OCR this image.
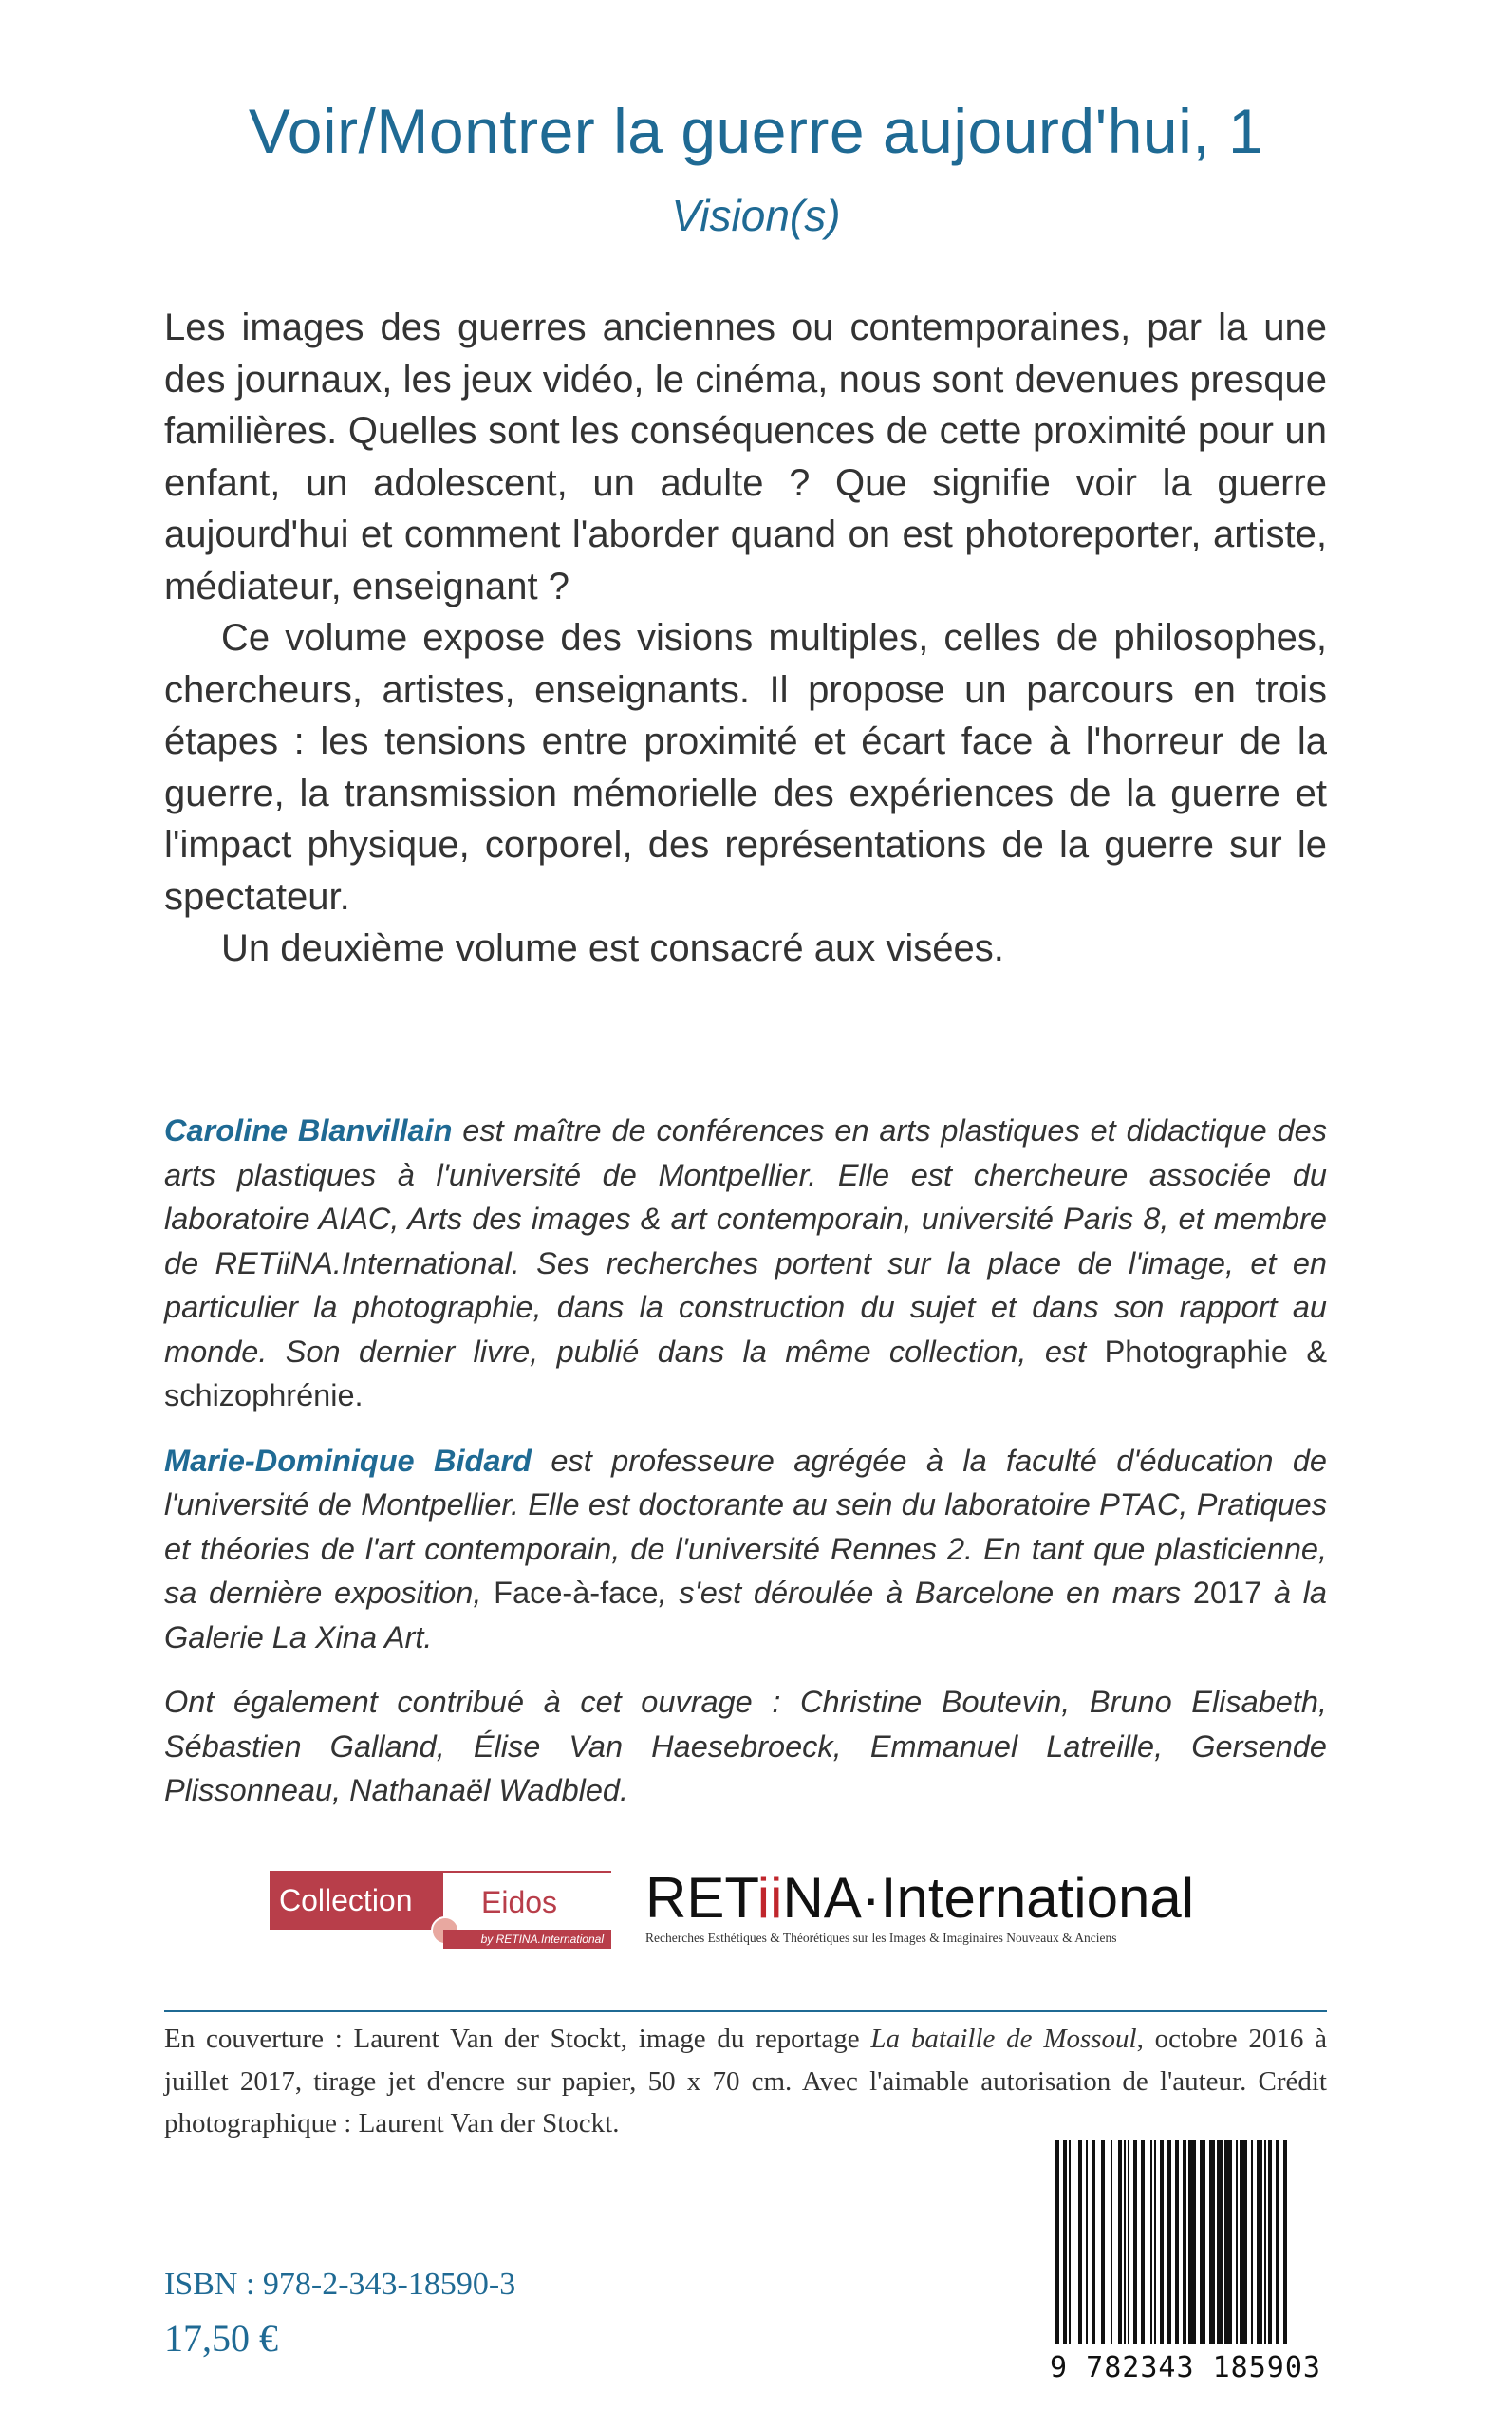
Voir/Montrer la guerre aujourd'hui, 1
Vision(s)

Les images des guerres anciennes ou contemporaines, par la une des journaux, les jeux vidéo, le cinéma, nous sont devenues presque familières. Quelles sont les conséquences de cette proximité pour un enfant, un adolescent, un adulte ? Que signifie voir la guerre aujourd'hui et comment l'aborder quand on est photoreporter, artiste, médiateur, enseignant ?

Ce volume expose des visions multiples, celles de philosophes, chercheurs, artistes, enseignants. Il propose un parcours en trois étapes : les tensions entre proximité et écart face à l'horreur de la guerre, la transmission mémorielle des expériences de la guerre et l'impact physique, corporel, des représentations de la guerre sur le spectateur.

Un deuxième volume est consacré aux visées.

Caroline Blanvillain est maître de conférences en arts plastiques et didactique des arts plastiques à l'université de Montpellier. Elle est chercheure associée du laboratoire AIAC, Arts des images & art contemporain, université Paris 8, et membre de RETiiNA.International. Ses recherches portent sur la place de l'image, et en particulier la photographie, dans la construction du sujet et dans son rapport au monde. Son dernier livre, publié dans la même collection, est Photographie & schizophrénie.

Marie-Dominique Bidard est professeure agrégée à la faculté d'éducation de l'université de Montpellier. Elle est doctorante au sein du laboratoire PTAC, Pratiques et théories de l'art contemporain, de l'université Rennes 2. En tant que plasticienne, sa dernière exposition, Face-à-face, s'est déroulée à Barcelone en mars 2017 à la Galerie La Xina Art.

Ont également contribué à cet ouvrage : Christine Boutevin, Bruno Elisabeth, Sébastien Galland, Élise Van Haesebroeck, Emmanuel Latreille, Gersende Plissonneau, Nathanaël Wadbled.

Collection	Eidos
by RETINA.International
RETiiNA·International
Recherches Esthétiques & Théorétiques sur les Images & Imaginaires Nouveaux & Anciens

En couverture : Laurent Van der Stockt, image du reportage La bataille de Mossoul, octobre 2016 à juillet 2017, tirage jet d'encre sur papier, 50 x 70 cm. Avec l'aimable autorisation de l'auteur. Crédit photographique : Laurent Van der Stockt.

ISBN : 978-2-343-18590-3
17,50 €
9 782343 185903
